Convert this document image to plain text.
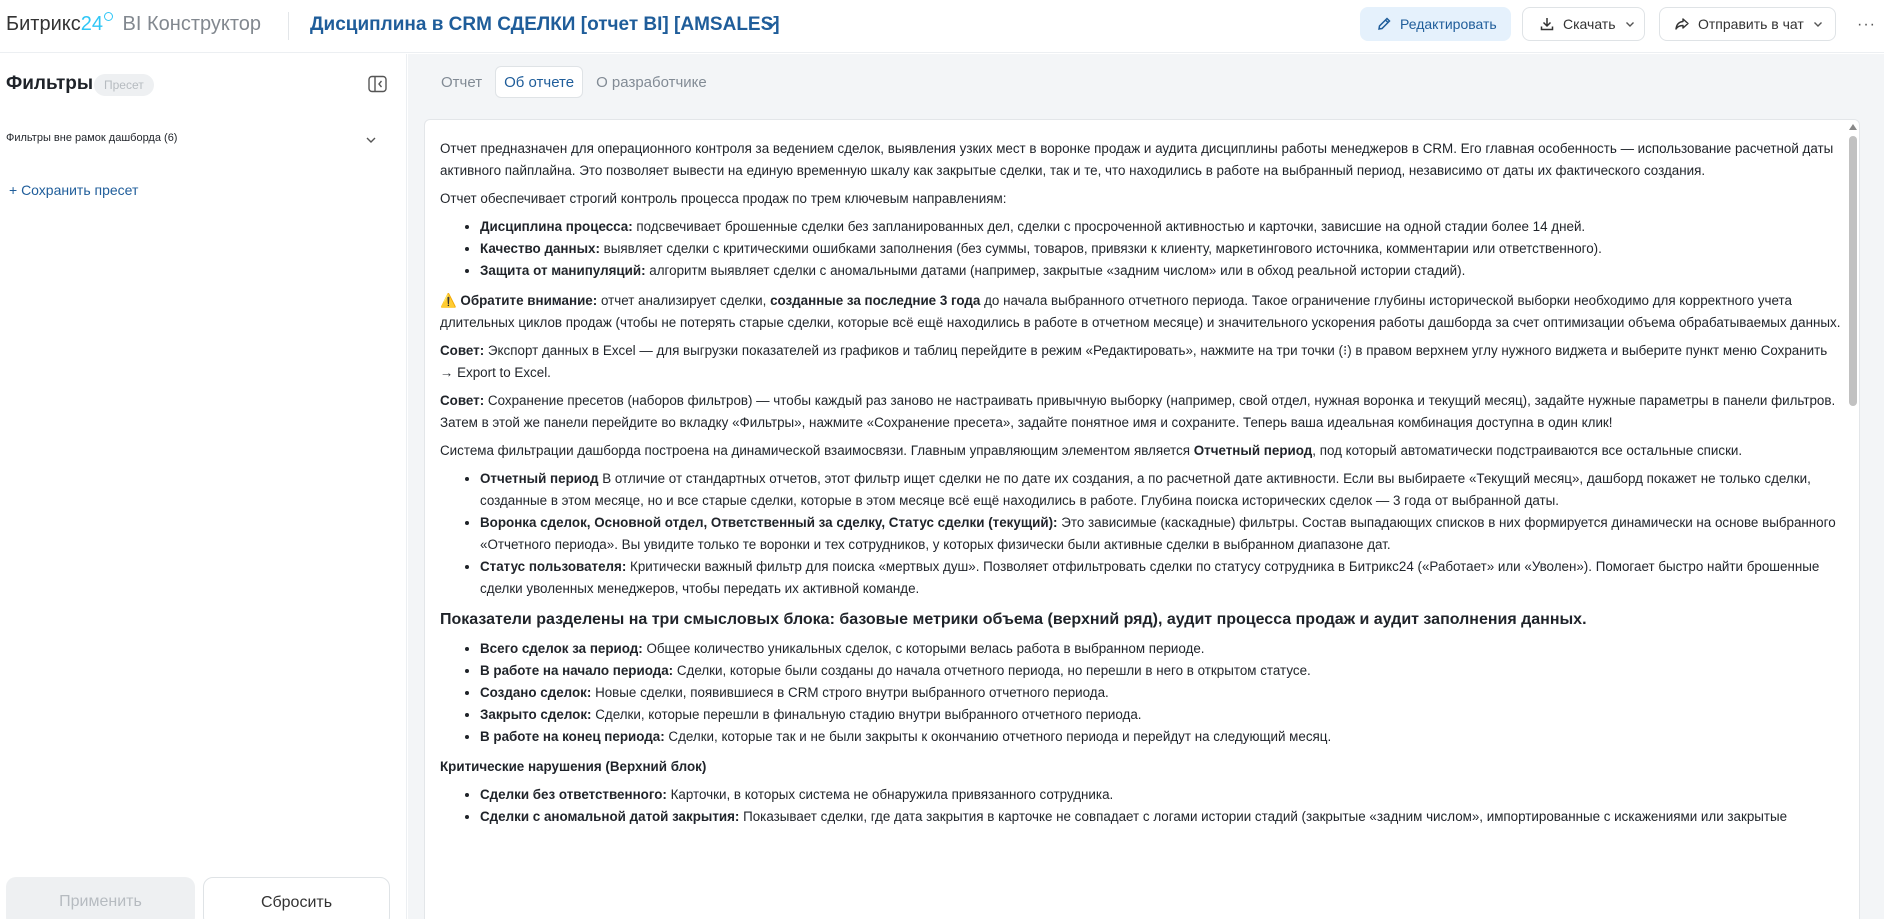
Битрикс24 BI Конструктор	Дисциплина в CRM СДЕЛКИ [отчет BI] [AMSALES]	Редактировать	Скачать	Отправить в чат	···
Фильтры Пресет
Фильтры вне рамок дашборда (6)
+ Сохранить пресет
Применить	Сбросить
Отчет	Об отчете	О разработчике

Отчет предназначен для операционного контроля за ведением сделок, выявления узких мест в воронке продаж и аудита дисциплины работы менеджеров в CRM. Его главная особенность — использование расчетной даты активного пайплайна. Это позволяет вывести на единую временную шкалу как закрытые сделки, так и те, что находились в работе на выбранный период, независимо от даты их фактического создания.

Отчет обеспечивает строгий контроль процесса продаж по трем ключевым направлениям:

• Дисциплина процесса: подсвечивает брошенные сделки без запланированных дел, сделки с просроченной активностью и карточки, зависшие на одной стадии более 14 дней.
• Качество данных: выявляет сделки с критическими ошибками заполнения (без суммы, товаров, привязки к клиенту, маркетингового источника, комментарии или ответственного).
• Защита от манипуляций: алгоритм выявляет сделки с аномальными датами (например, закрытые «задним числом» или в обход реальной истории стадий).

⚠️ Обратите внимание: отчет анализирует сделки, созданные за последние 3 года до начала выбранного отчетного периода. Такое ограничение глубины исторической выборки необходимо для корректного учета длительных циклов продаж (чтобы не потерять старые сделки, которые всё ещё находились в работе в отчетном месяце) и значительного ускорения работы дашборда за счет оптимизации объема обрабатываемых данных.

Совет: Экспорт данных в Excel — для выгрузки показателей из графиков и таблиц перейдите в режим «Редактировать», нажмите на три точки (⁝) в правом верхнем углу нужного виджета и выберите пункт меню Сохранить → Export to Excel.

Совет: Сохранение пресетов (наборов фильтров) — чтобы каждый раз заново не настраивать привычную выборку (например, свой отдел, нужная воронка и текущий месяц), задайте нужные параметры в панели фильтров. Затем в этой же панели перейдите во вкладку «Фильтры», нажмите «Сохранение пресета», задайте понятное имя и сохраните. Теперь ваша идеальная комбинация доступна в один клик!

Система фильтрации дашборда построена на динамической взаимосвязи. Главным управляющим элементом является Отчетный период, под который автоматически подстраиваются все остальные списки.

• Отчетный период В отличие от стандартных отчетов, этот фильтр ищет сделки не по дате их создания, а по расчетной дате активности. Если вы выбираете «Текущий месяц», дашборд покажет не только сделки, созданные в этом месяце, но и все старые сделки, которые в этом месяце всё ещё находились в работе. Глубина поиска исторических сделок — 3 года от выбранной даты.
• Воронка сделок, Основной отдел, Ответственный за сделку, Статус сделки (текущий): Это зависимые (каскадные) фильтры. Состав выпадающих списков в них формируется динамически на основе выбранного «Отчетного периода». Вы увидите только те воронки и тех сотрудников, у которых физически были активные сделки в выбранном диапазоне дат.
• Статус пользователя: Критически важный фильтр для поиска «мертвых душ». Позволяет отфильтровать сделки по статусу сотрудника в Битрикс24 («Работает» или «Уволен»). Помогает быстро найти брошенные сделки уволенных менеджеров, чтобы передать их активной команде.
Показатели разделены на три смысловых блока: базовые метрики объема (верхний ряд), аудит процесса продаж и аудит заполнения данных.
• Всего сделок за период: Общее количество уникальных сделок, с которыми велась работа в выбранном периоде.
• В работе на начало периода: Сделки, которые были созданы до начала отчетного периода, но перешли в него в открытом статусе.
• Создано сделок: Новые сделки, появившиеся в CRM строго внутри выбранного отчетного периода.
• Закрыто сделок: Сделки, которые перешли в финальную стадию внутри выбранного отчетного периода.
• В работе на конец периода: Сделки, которые так и не были закрыты к окончанию отчетного периода и перейдут на следующий месяц.
Критические нарушения (Верхний блок)
• Сделки без ответственного: Карточки, в которых система не обнаружила привязанного сотрудника.
• Сделки с аномальной датой закрытия: Показывает сделки, где дата закрытия в карточке не совпадает с логами истории стадий (закрытые «задним числом», импортированные с искажениями или закрытые
